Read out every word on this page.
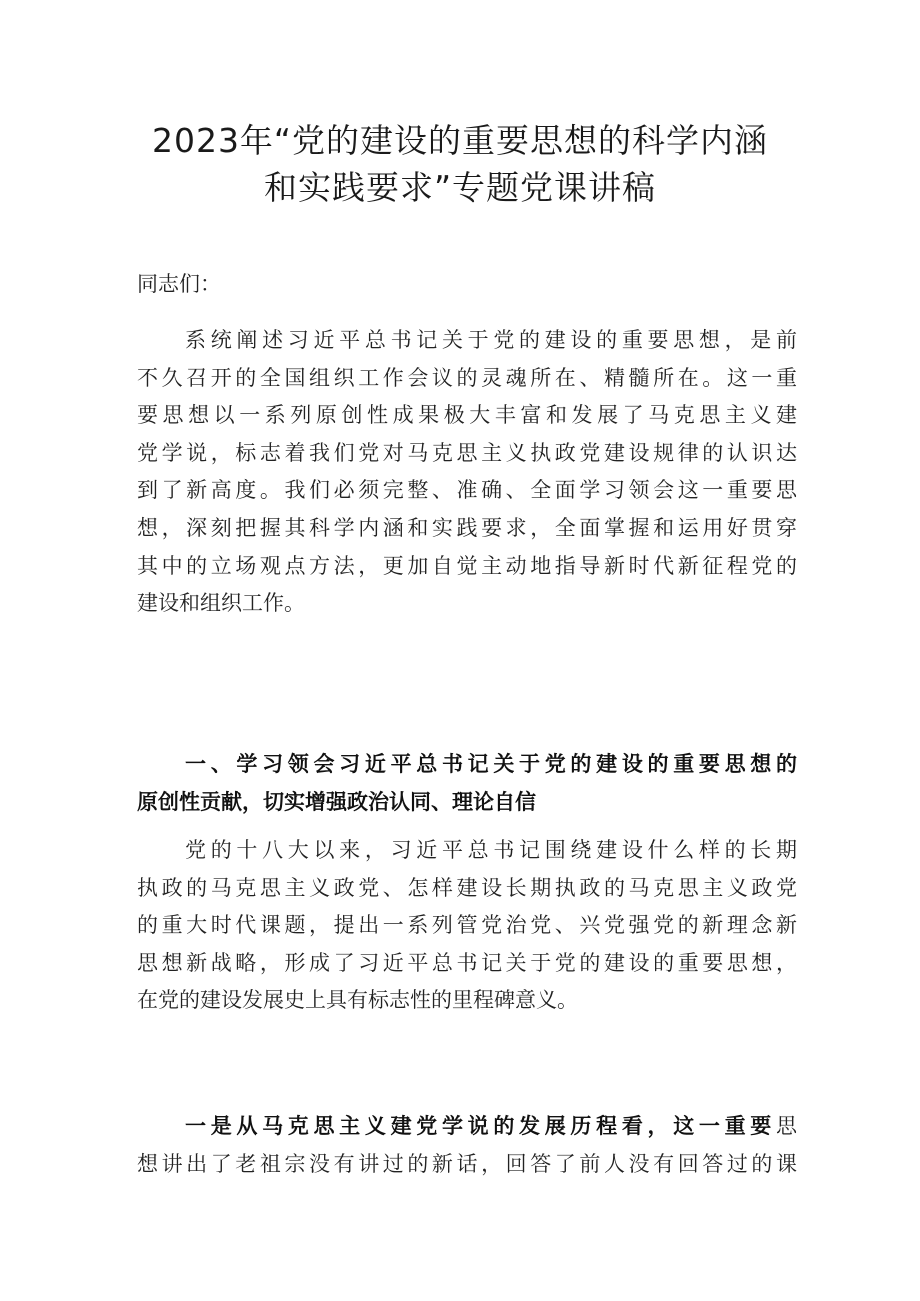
2023年“党的建设的重要思想的科学内涵
和实践要求”专题党课讲稿
同志们：
系统阐述习近平总书记关于党的建设的重要思想，是前
不久召开的全国组织工作会议的灵魂所在、精髓所在。这一重
要思想以一系列原创性成果极大丰富和发展了马克思主义建
党学说，标志着我们党对马克思主义执政党建设规律的认识达
到了新高度。我们必须完整、准确、全面学习领会这一重要思
想，深刻把握其科学内涵和实践要求，全面掌握和运用好贯穿
其中的立场观点方法，更加自觉主动地指导新时代新征程党的
建设和组织工作。
一、学习领会习近平总书记关于党的建设的重要思想的
原创性贡献，切实增强政治认同、理论自信
党的十八大以来，习近平总书记围绕建设什么样的长期
执政的马克思主义政党、怎样建设长期执政的马克思主义政党
的重大时代课题，提出一系列管党治党、兴党强党的新理念新
思想新战略，形成了习近平总书记关于党的建设的重要思想，
在党的建设发展史上具有标志性的里程碑意义。
一是从马克思主义建党学说的发展历程看，这一重要思
想讲出了老祖宗没有讲过的新话，回答了前人没有回答过的课
